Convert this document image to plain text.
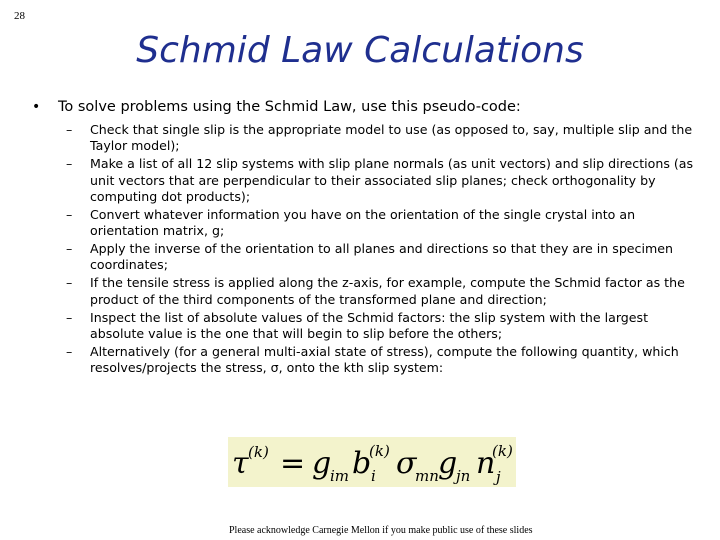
28
Schmid Law Calculations
• To solve problems using the Schmid Law, use this pseudo-code:
– Check that single slip is the appropriate model to use (as opposed to, say, multiple slip and the Taylor model);
– Make a list of all 12 slip systems with slip plane normals (as unit vectors) and slip directions (as unit vectors that are perpendicular to their associated slip planes; check orthogonality by computing dot products);
– Convert whatever information you have on the orientation of the single crystal into an orientation matrix, g;
– Apply the inverse of the orientation to all planes and directions so that they are in specimen coordinates;
– If the tensile stress is applied along the z-axis, for example, compute the Schmid factor as the product of the third components of the transformed plane and direction;
– Inspect the list of absolute values of the Schmid factors: the slip system with the largest absolute value is the one that will begin to slip before the others;
– Alternatively (for a general multi-axial state of stress), compute the following quantity, which resolves/projects the stress, σ, onto the kth slip system:
τ (k) = g
im b
(k)
i σ
mn g
jn n
(k)
j
Please acknowledge Carnegie Mellon if you make public use of these slides
